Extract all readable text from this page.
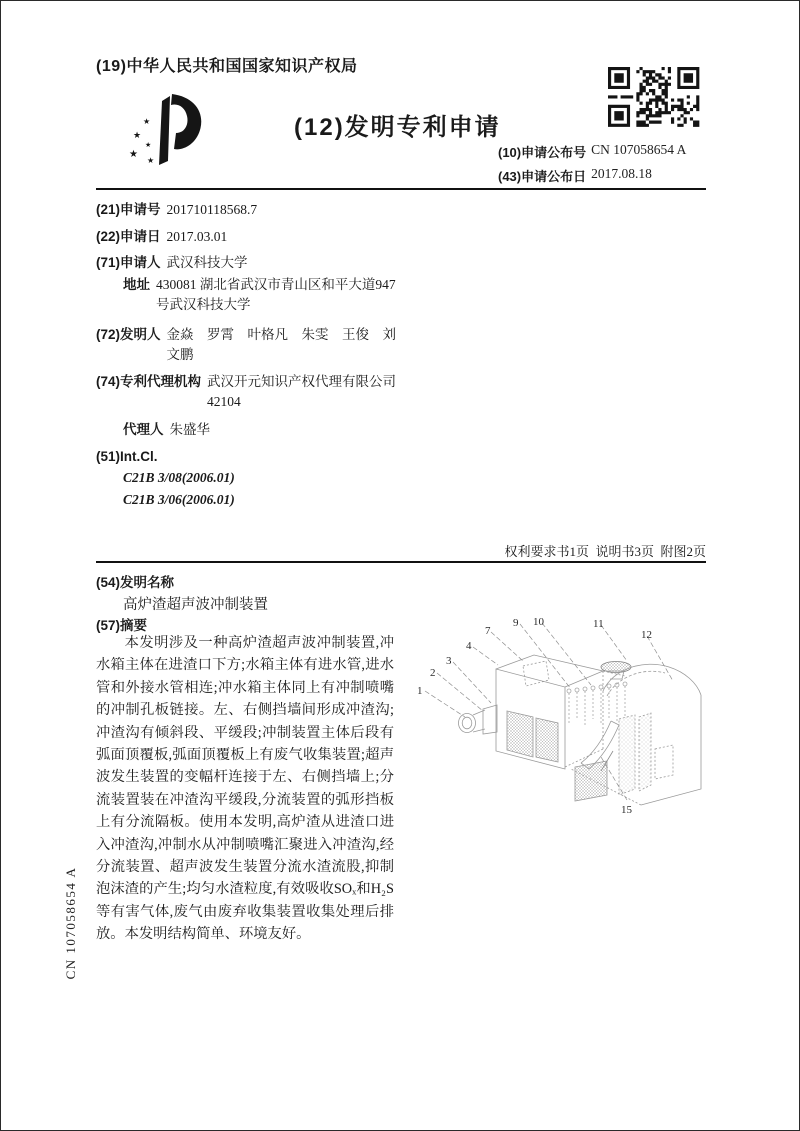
CN 107058654 A
(19)中华人民共和国国家知识产权局
★
★
★
★
★
(12)发明专利申请
(10)申请公布号 CN 107058654 A
(43)申请公布日 2017.08.18
(21)申请号 201710118568.7
(22)申请日 2017.03.01
(71)申请人 武汉科技大学
地址 430081 湖北省武汉市青山区和平大道947号武汉科技大学
(72)发明人 金焱　罗霄　叶格凡　朱雯　王俊　刘文鹏
(74)专利代理机构 武汉开元知识产权代理有限公司 42104
代理人 朱盛华
(51)Int.Cl.
C21B 3/08(2006.01)
C21B 3/06(2006.01)
权利要求书1页  说明书3页  附图2页
(54)发明名称
高炉渣超声波冲制装置
(57)摘要
本发明涉及一种高炉渣超声波冲制装置,冲水箱主体在进渣口下方;水箱主体有进水管,进水管和外接水管相连;冲水箱主体同上有冲制喷嘴的冲制孔板链接。左、右侧挡墙间形成冲渣沟;冲渣沟有倾斜段、平缓段;冲制装置主体后段有弧面顶覆板,弧面顶覆板上有废气收集装置;超声波发生装置的变幅杆连接于左、右侧挡墙上;分流装置装在冲渣沟平缓段,分流装置的弧形挡板上有分流隔板。使用本发明,高炉渣从进渣口进入冲渣沟,冲制水从冲制喷嘴汇聚进入冲渣沟,经分流装置、超声波发生装置分流水渣流股,抑制泡沫渣的产生;均匀水渣粒度,有效吸收SOₓ和H₂S等有害气体,废气由废弃收集装置收集处理后排放。本发明结构简单、环境友好。
1
2
3
4
7
9 10	11
12
15
